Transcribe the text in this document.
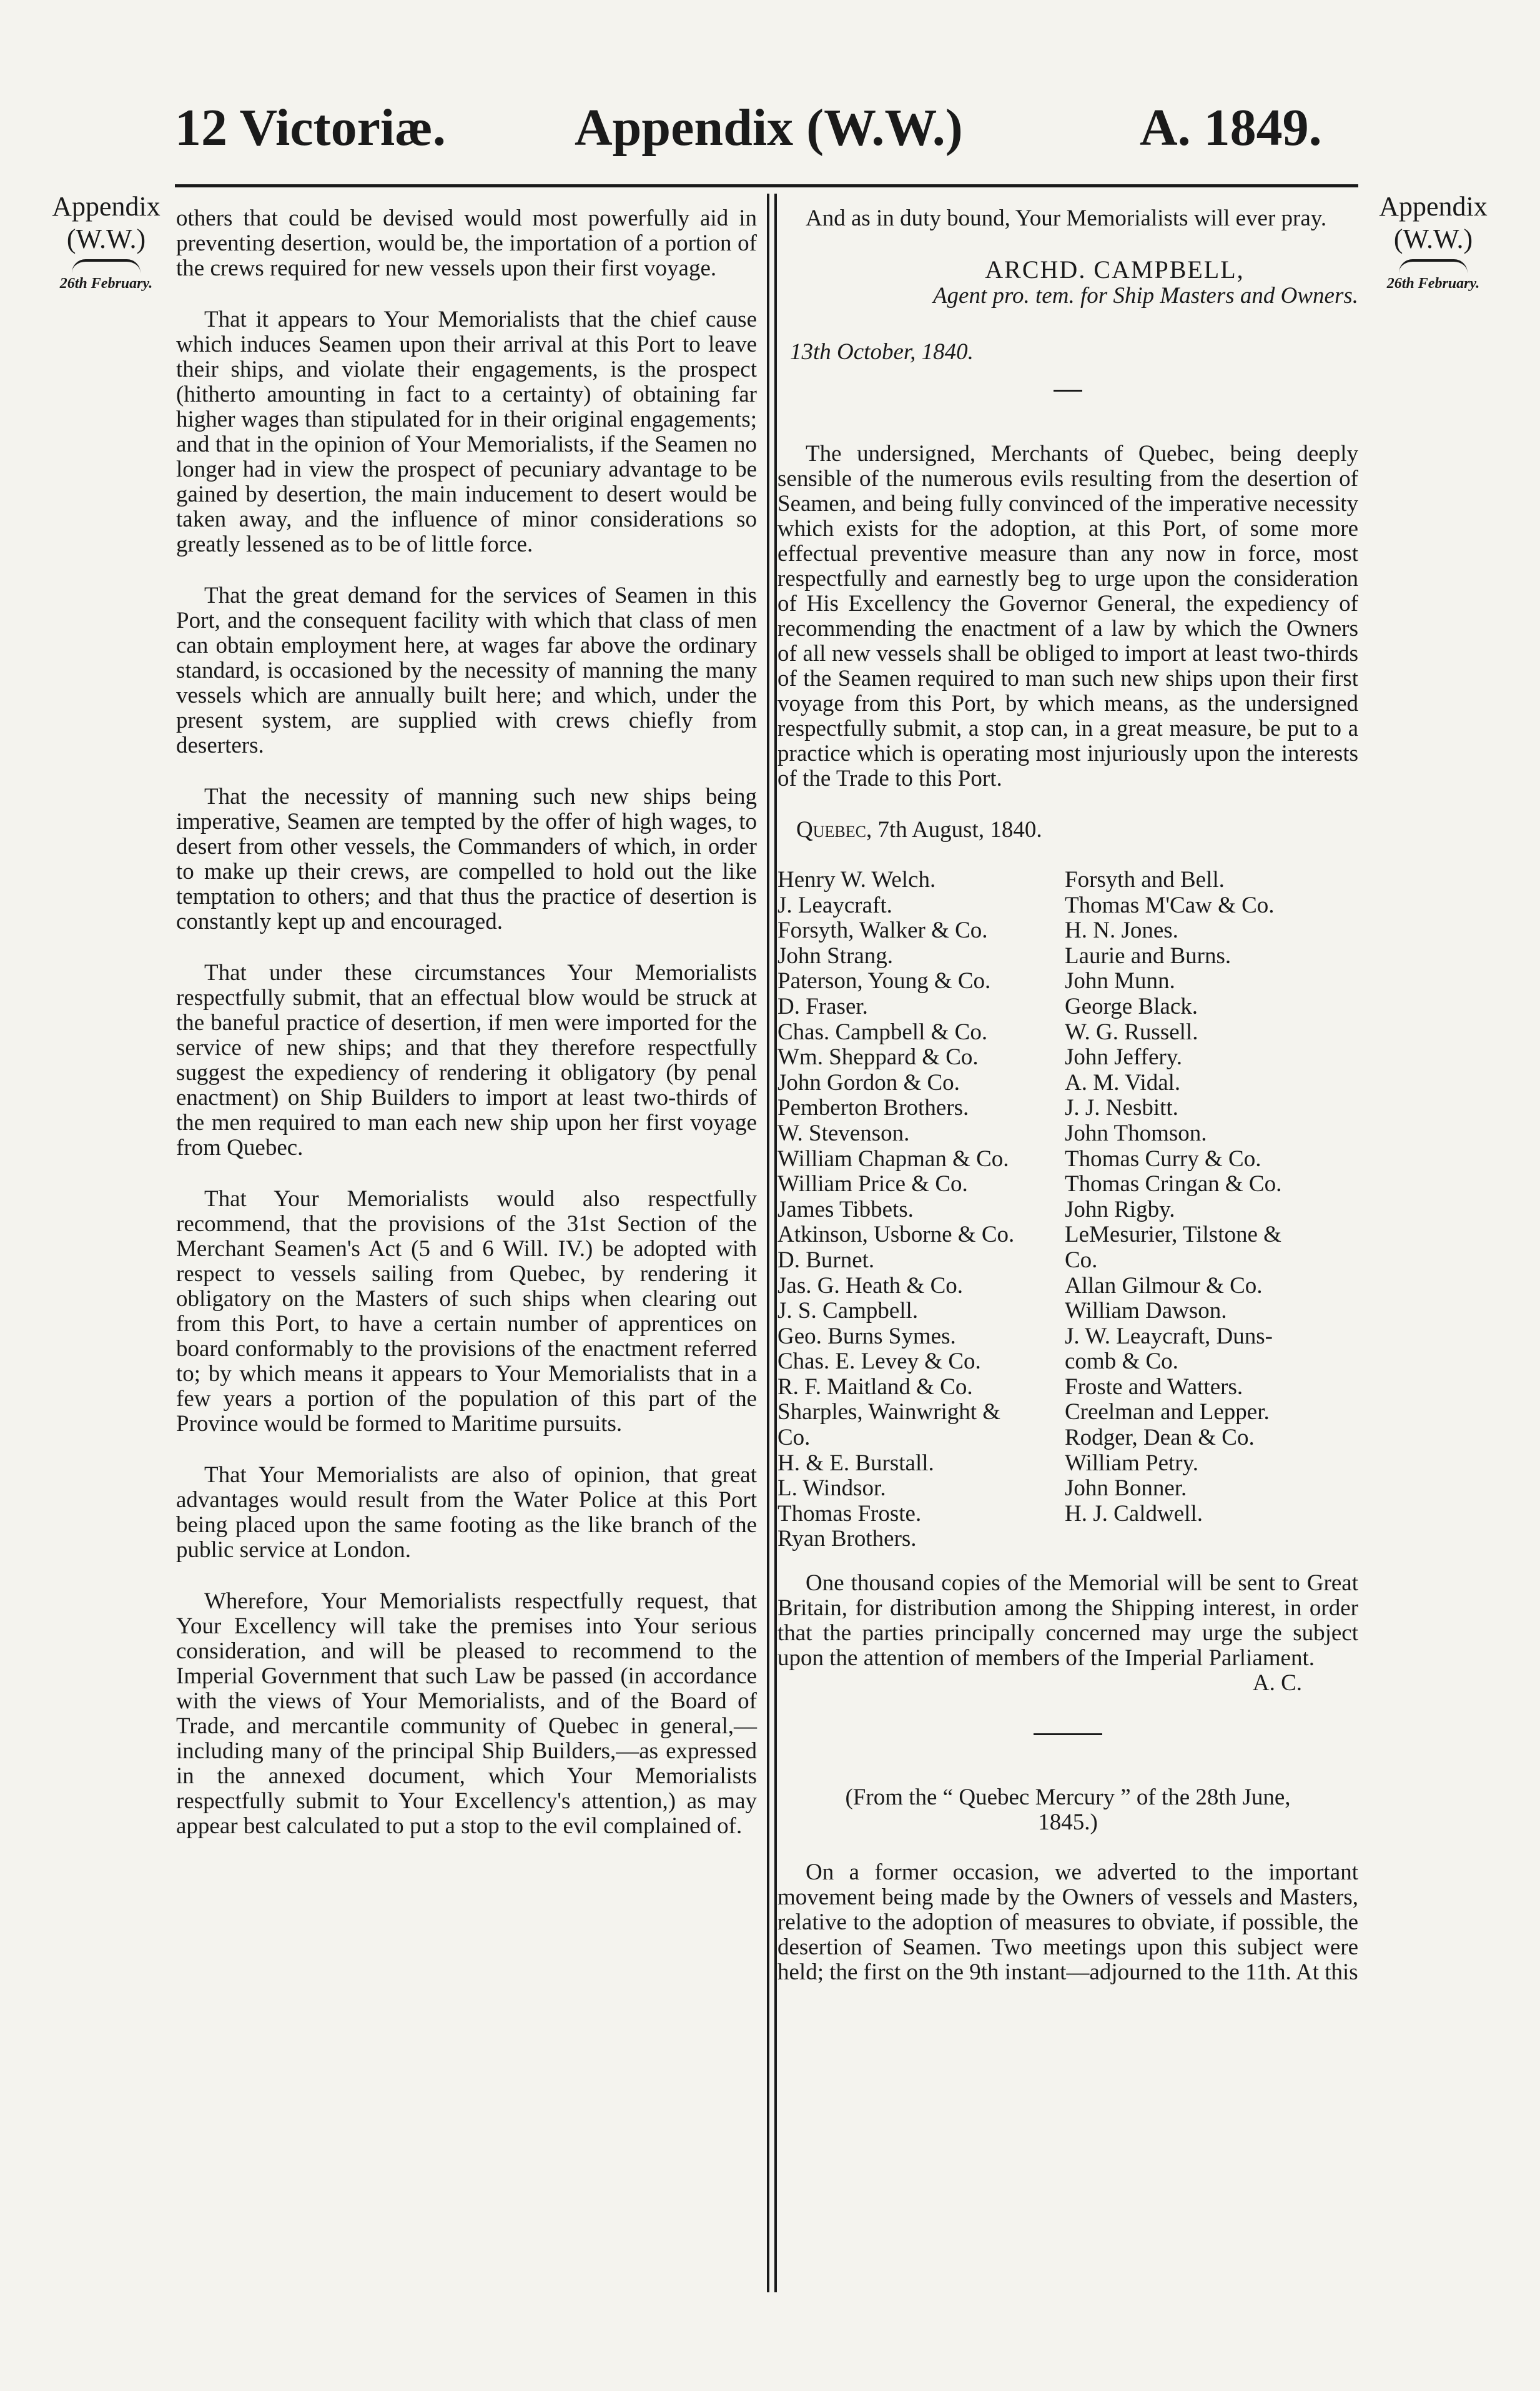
12 Victoriæ. Appendix (W.W.)	A. 1849.
Appendix
(W.W.)
26th February.
Appendix
(W.W.)
26th February.

others that could be devised would most powerfully aid in preventing desertion, would be, the importation of a portion of the crews required for new vessels upon their first voyage.

That it appears to Your Memorialists that the chief cause which induces Seamen upon their arrival at this Port to leave their ships, and violate their engagements, is the prospect (hitherto amounting in fact to a certainty) of obtaining far higher wages than stipulated for in their original engagements; and that in the opinion of Your Memorialists, if the Seamen no longer had in view the prospect of pecuniary advantage to be gained by desertion, the main inducement to desert would be taken away, and the influence of minor considerations so greatly lessened as to be of little force.

That the great demand for the services of Seamen in this Port, and the consequent facility with which that class of men can obtain employment here, at wages far above the ordinary standard, is occasioned by the necessity of manning the many vessels which are annually built here; and which, under the present system, are supplied with crews chiefly from deserters.

That the necessity of manning such new ships being imperative, Seamen are tempted by the offer of high wages, to desert from other vessels, the Commanders of which, in order to make up their crews, are compelled to hold out the like temptation to others; and that thus the practice of desertion is constantly kept up and encouraged.

That under these circumstances Your Memorialists respectfully submit, that an effectual blow would be struck at the baneful practice of desertion, if men were imported for the service of new ships; and that they therefore respectfully suggest the expediency of rendering it obligatory (by penal enactment) on Ship Builders to import at least two-thirds of the men required to man each new ship upon her first voyage from Quebec.

That Your Memorialists would also respectfully recommend, that the provisions of the 31st Section of the Merchant Seamen's Act (5 and 6 Will. IV.) be adopted with respect to vessels sailing from Quebec, by rendering it obligatory on the Masters of such ships when clearing out from this Port, to have a certain number of apprentices on board conformably to the provisions of the enactment referred to; by which means it appears to Your Memorialists that in a few years a portion of the population of this part of the Province would be formed to Maritime pursuits.

That Your Memorialists are also of opinion, that great advantages would result from the Water Police at this Port being placed upon the same footing as the like branch of the public service at London.

Wherefore, Your Memorialists respectfully request, that Your Excellency will take the premises into Your serious consideration, and will be pleased to recommend to the Imperial Government that such Law be passed (in accordance with the views of Your Memorialists, and of the Board of Trade, and mercantile community of Quebec in general,—including many of the principal Ship Builders,—as expressed in the annexed document, which Your Memorialists respectfully submit to Your Excellency's attention,) as may appear best calculated to put a stop to the evil complained of.

And as in duty bound, Your Memorialists will ever pray.

ARCHD. CAMPBELL,
Agent pro. tem. for Ship Masters and Owners.
13th October, 1840.

The undersigned, Merchants of Quebec, being deeply sensible of the numerous evils resulting from the desertion of Seamen, and being fully convinced of the imperative necessity which exists for the adoption, at this Port, of some more effectual preventive measure than any now in force, most respectfully and earnestly beg to urge upon the consideration of His Excellency the Governor General, the expediency of recommending the enactment of a law by which the Owners of all new vessels shall be obliged to import at least two-thirds of the Seamen required to man such new ships upon their first voyage from this Port, by which means, as the undersigned respectfully submit, a stop can, in a great measure, be put to a practice which is operating most injuriously upon the interests of the Trade to this Port.

Quebec, 7th August, 1840.
Henry W. Welch.	Forsyth and Bell.
J. Leaycraft.	Thomas M'Caw & Co.
Forsyth, Walker & Co.	H. N. Jones.
John Strang.	Laurie and Burns.
Paterson, Young & Co.	John Munn.
D. Fraser.	George Black.
Chas. Campbell & Co.	W. G. Russell.
Wm. Sheppard & Co.	John Jeffery.
John Gordon & Co.	A. M. Vidal.
Pemberton Brothers.	J. J. Nesbitt.
W. Stevenson.	John Thomson.
William Chapman & Co.	Thomas Curry & Co.
William Price & Co.	Thomas Cringan & Co.
James Tibbets.	John Rigby.
Atkinson, Usborne & Co.	LeMesurier, Tilstone &
D. Burnet.	Co.
Jas. G. Heath & Co.	Allan Gilmour & Co.
J. S. Campbell.	William Dawson.
Geo. Burns Symes.	J. W. Leaycraft, Duns-
Chas. E. Levey & Co.	comb & Co.
R. F. Maitland & Co.	Froste and Watters.
Sharples, Wainwright &	Creelman and Lepper.
Co.	Rodger, Dean & Co.
H. & E. Burstall.	William Petry.
L. Windsor.	John Bonner.
Thomas Froste.	H. J. Caldwell.
Ryan Brothers.

One thousand copies of the Memorial will be sent to Great Britain, for distribution among the Shipping interest, in order that the parties principally concerned may urge the subject upon the attention of members of the Imperial Parliament.

A. C.
(From the “ Quebec Mercury ” of the 28th June,
1845.)

On a former occasion, we adverted to the important movement being made by the Owners of vessels and Masters, relative to the adoption of measures to obviate, if possible, the desertion of Seamen. Two meetings upon this subject were held; the first on the 9th instant—adjourned to the 11th. At this
